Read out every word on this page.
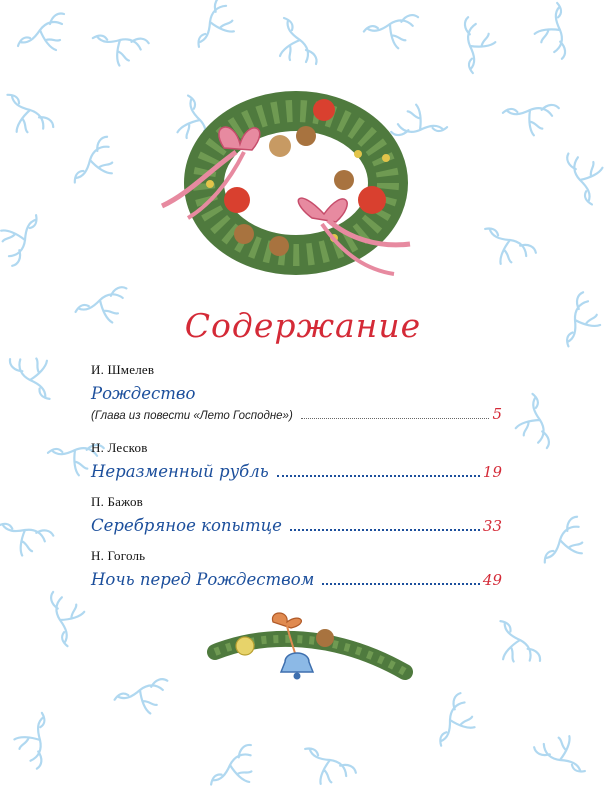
Содержание
И. Шмелев
Рождество
(Глава из повести «Лето Господне»)	5
Н. Лесков
Неразменный рубль	19
П. Бажов
Серебряное копытце	33
Н. Гоголь
Ночь перед Рождеством	49
